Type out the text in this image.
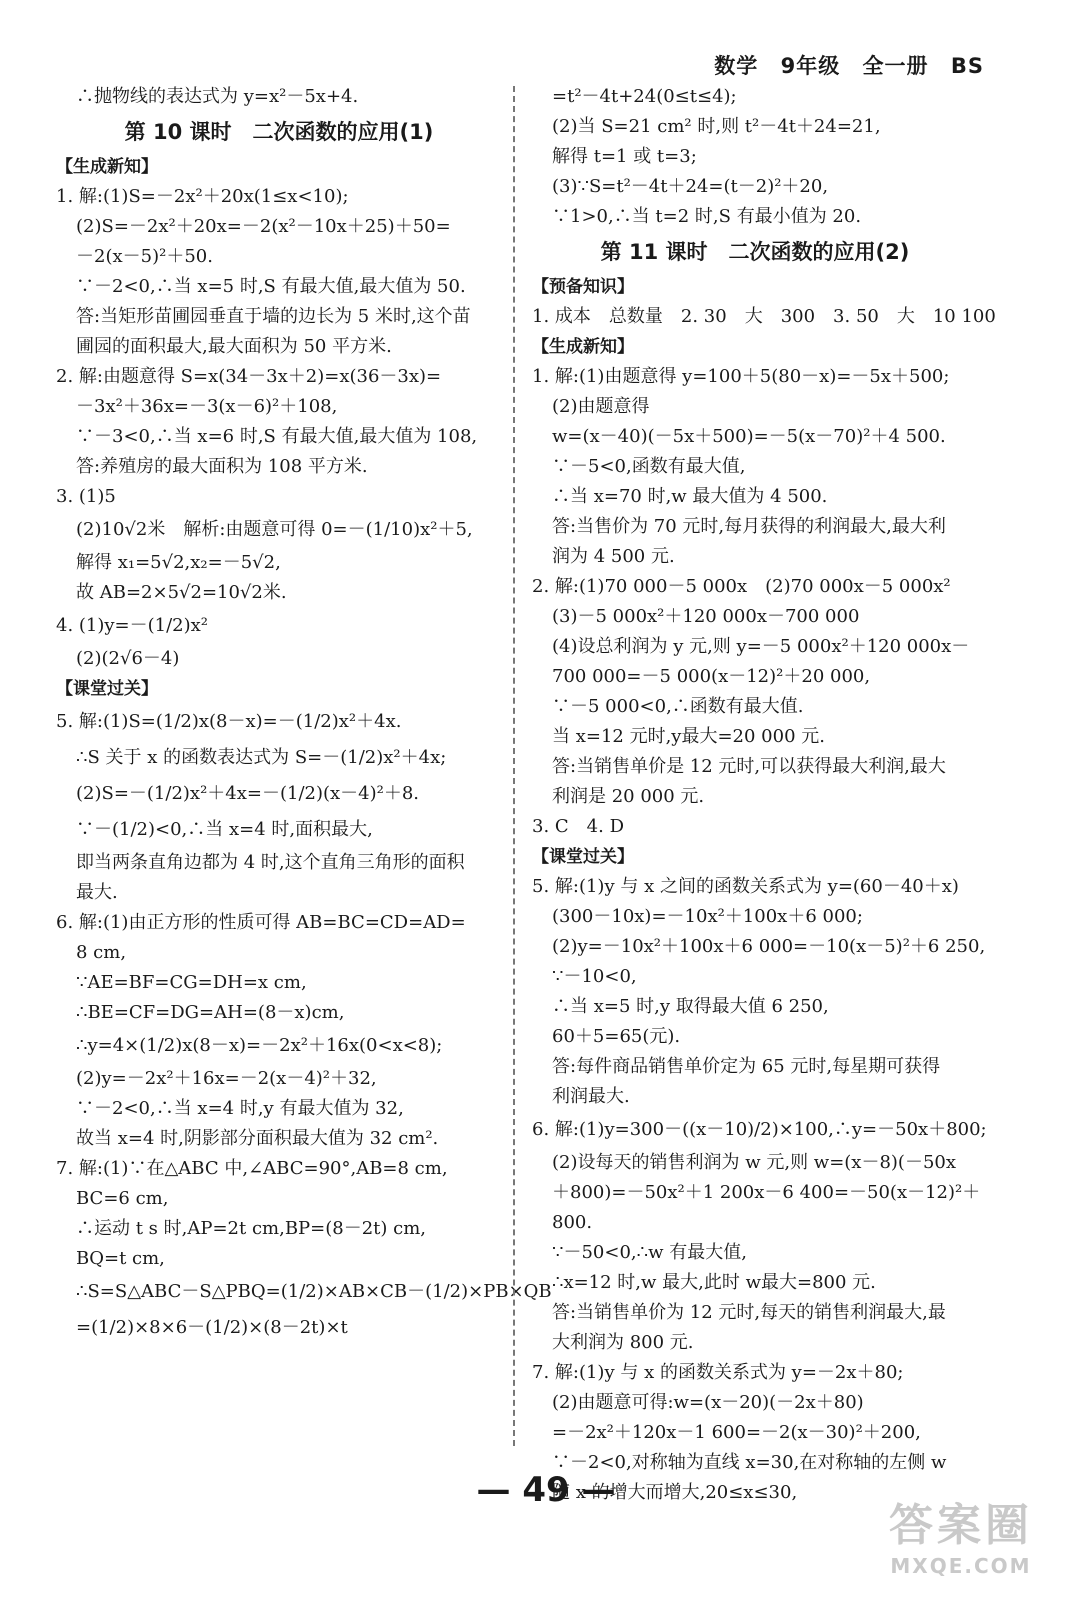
数学 9年级 全一册 BS
∴抛物线的表达式为 y=x²－5x+4.
第 10 课时　二次函数的应用(1)
【生成新知】
1. 解:(1)S=－2x²＋20x(1≤x<10);
(2)S=－2x²＋20x=－2(x²－10x＋25)＋50=
－2(x－5)²＋50.
∵－2<0,∴当 x=5 时,S 有最大值,最大值为 50.
答:当矩形苗圃园垂直于墙的边长为 5 米时,这个苗
圃园的面积最大,最大面积为 50 平方米.
2. 解:由题意得 S=x(34－3x＋2)=x(36－3x)=
－3x²＋36x=－3(x－6)²＋108,
∵－3<0,∴当 x=6 时,S 有最大值,最大值为 108,
答:养殖房的最大面积为 108 平方米.
3. (1)5
(2)10√2米　解析:由题意可得 0=－(1/10)x²＋5,
解得 x₁=5√2,x₂=－5√2,
故 AB=2×5√2=10√2米.
4. (1)y=－(1/2)x²
(2)(2√6－4)
【课堂过关】
5. 解:(1)S=(1/2)x(8－x)=－(1/2)x²＋4x.
∴S 关于 x 的函数表达式为 S=－(1/2)x²＋4x;
(2)S=－(1/2)x²＋4x=－(1/2)(x－4)²＋8.
∵－(1/2)<0,∴当 x=4 时,面积最大,
即当两条直角边都为 4 时,这个直角三角形的面积
最大.
6. 解:(1)由正方形的性质可得 AB=BC=CD=AD=
8 cm,
∵AE=BF=CG=DH=x cm,
∴BE=CF=DG=AH=(8－x)cm,
∴y=4×(1/2)x(8－x)=－2x²＋16x(0<x<8);
(2)y=－2x²＋16x=－2(x－4)²＋32,
∵－2<0,∴当 x=4 时,y 有最大值为 32,
故当 x=4 时,阴影部分面积最大值为 32 cm².
7. 解:(1)∵在△ABC 中,∠ABC=90°,AB=8 cm,
BC=6 cm,
∴运动 t s 时,AP=2t cm,BP=(8－2t) cm,
BQ=t cm,
∴S=S△ABC－S△PBQ=(1/2)×AB×CB－(1/2)×PB×QB
=(1/2)×8×6－(1/2)×(8－2t)×t
=t²－4t+24(0≤t≤4);
(2)当 S=21 cm² 时,则 t²－4t＋24=21,
解得 t=1 或 t=3;
(3)∵S=t²－4t＋24=(t－2)²＋20,
∵1>0,∴当 t=2 时,S 有最小值为 20.
第 11 课时　二次函数的应用(2)
【预备知识】
1. 成本　总数量　2. 30　大　300　3. 50　大　10 100
【生成新知】
1. 解:(1)由题意得 y=100＋5(80－x)=－5x＋500;
(2)由题意得
w=(x－40)(－5x＋500)=－5(x－70)²＋4 500.
∵－5<0,函数有最大值,
∴当 x=70 时,w 最大值为 4 500.
答:当售价为 70 元时,每月获得的利润最大,最大利
润为 4 500 元.
2. 解:(1)70 000－5 000x　(2)70 000x－5 000x²
(3)－5 000x²＋120 000x－700 000
(4)设总利润为 y 元,则 y=－5 000x²＋120 000x－
700 000=－5 000(x－12)²＋20 000,
∵－5 000<0,∴函数有最大值.
当 x=12 元时,y最大=20 000 元.
答:当销售单价是 12 元时,可以获得最大利润,最大
利润是 20 000 元.
3. C　4. D
【课堂过关】
5. 解:(1)y 与 x 之间的函数关系式为 y=(60－40＋x)
(300－10x)=－10x²＋100x＋6 000;
(2)y=－10x²＋100x＋6 000=－10(x－5)²＋6 250,
∵－10<0,
∴当 x=5 时,y 取得最大值 6 250,
60＋5=65(元).
答:每件商品销售单价定为 65 元时,每星期可获得
利润最大.
6. 解:(1)y=300－((x－10)/2)×100,∴y=－50x＋800;
(2)设每天的销售利润为 w 元,则 w=(x－8)(－50x
＋800)=－50x²＋1 200x－6 400=－50(x－12)²＋
800.
∵－50<0,∴w 有最大值,
∴x=12 时,w 最大,此时 w最大=800 元.
答:当销售单价为 12 元时,每天的销售利润最大,最
大利润为 800 元.
7. 解:(1)y 与 x 的函数关系式为 y=－2x＋80;
(2)由题意可得:w=(x－20)(－2x＋80)
=－2x²＋120x－1 600=－2(x－30)²＋200,
∵－2<0,对称轴为直线 x=30,在对称轴的左侧 w
随 x 的增大而增大,20≤x≤30,
— 49 —
答案圈
MXQE.COM
